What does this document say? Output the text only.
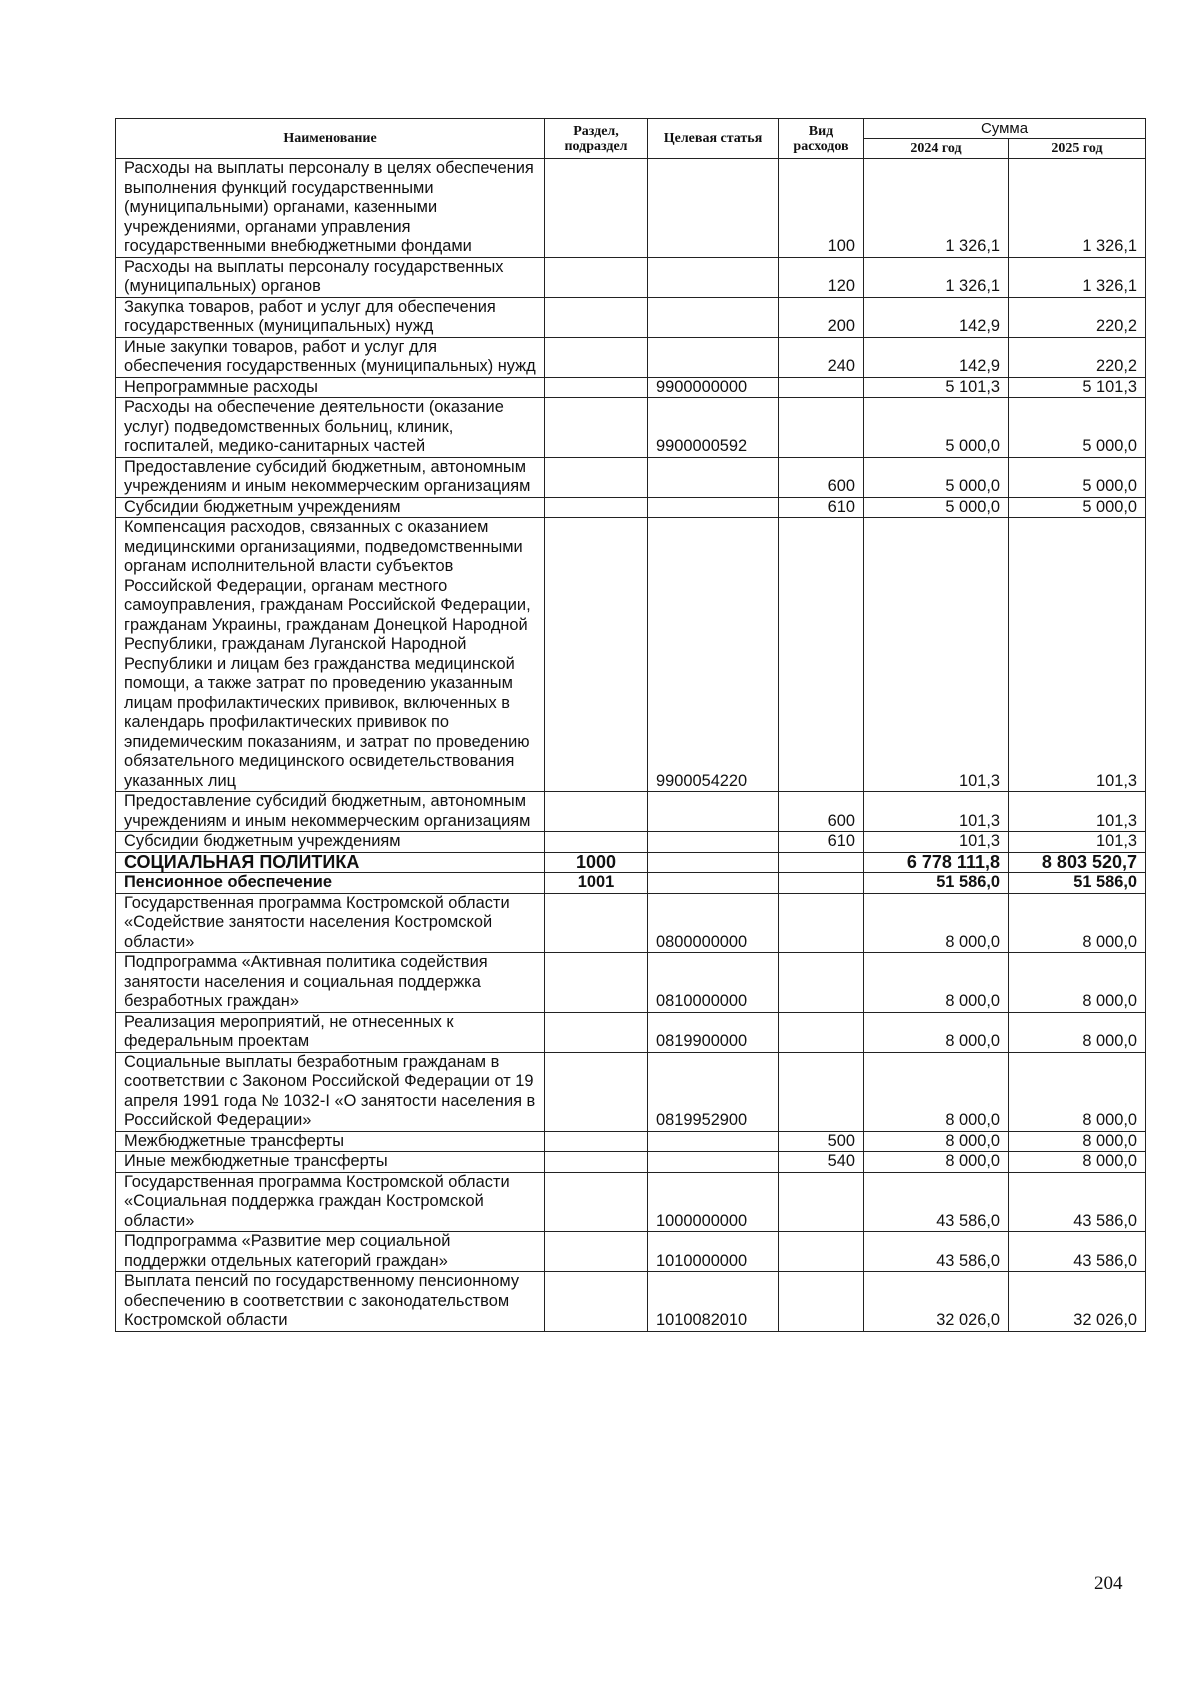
Наименование	Раздел, подраздел	Целевая статья	Вид расходов	Сумма	
				2024 год	2025 год
Расходы на выплаты персоналу в целях обеспечения выполнения функций государственными (муниципальными) органами, казенными учреждениями, органами управления государственными внебюджетными фондами			100	1 326,1	1 326,1
Расходы на выплаты персоналу государственных (муниципальных) органов			120	1 326,1	1 326,1
Закупка товаров, работ и услуг для обеспечения государственных (муниципальных) нужд			200	142,9	220,2
Иные закупки товаров, работ и услуг для обеспечения государственных (муниципальных) нужд			240	142,9	220,2
Непрограммные расходы		9900000000		5 101,3	5 101,3
Расходы на обеспечение деятельности (оказание услуг) подведомственных больниц, клиник, госпиталей, медико-санитарных частей		9900000592		5 000,0	5 000,0
Предоставление субсидий бюджетным, автономным учреждениям и иным некоммерческим организациям			600	5 000,0	5 000,0
Субсидии бюджетным учреждениям			610	5 000,0	5 000,0
Компенсация расходов, связанных с оказанием медицинскими организациями, подведомственными органам исполнительной власти субъектов Российской Федерации, органам местного самоуправления, гражданам Российской Федерации, гражданам Украины, гражданам Донецкой Народной Республики, гражданам Луганской Народной Республики и лицам без гражданства медицинской помощи, а также затрат по проведению указанным лицам профилактических прививок, включенных в календарь профилактических прививок по эпидемическим показаниям, и затрат по проведению обязательного медицинского освидетельствования указанных лиц		9900054220		101,3	101,3
Предоставление субсидий бюджетным, автономным учреждениям и иным некоммерческим организациям			600	101,3	101,3
Субсидии бюджетным учреждениям			610	101,3	101,3
СОЦИАЛЬНАЯ ПОЛИТИКА	1000			6 778 111,8	8 803 520,7
Пенсионное обеспечение	1001			51 586,0	51 586,0
Государственная программа Костромской области «Содействие занятости населения Костромской области»		0800000000		8 000,0	8 000,0
Подпрограмма «Активная политика содействия занятости населения и социальная поддержка безработных граждан»		0810000000		8 000,0	8 000,0
Реализация мероприятий, не отнесенных к федеральным проектам		0819900000		8 000,0	8 000,0
Социальные выплаты безработным гражданам в соответствии с Законом Российской Федерации от 19 апреля 1991 года № 1032-I «О занятости населения в Российской Федерации»		0819952900		8 000,0	8 000,0
Межбюджетные трансферты			500	8 000,0	8 000,0
Иные межбюджетные трансферты			540	8 000,0	8 000,0
Государственная программа Костромской области «Социальная поддержка граждан Костромской области»		1000000000		43 586,0	43 586,0
Подпрограмма «Развитие мер социальной поддержки отдельных категорий граждан»		1010000000		43 586,0	43 586,0
Выплата пенсий по государственному пенсионному обеспечению в соответствии с законодательством Костромской области		1010082010		32 026,0	32 026,0
204
